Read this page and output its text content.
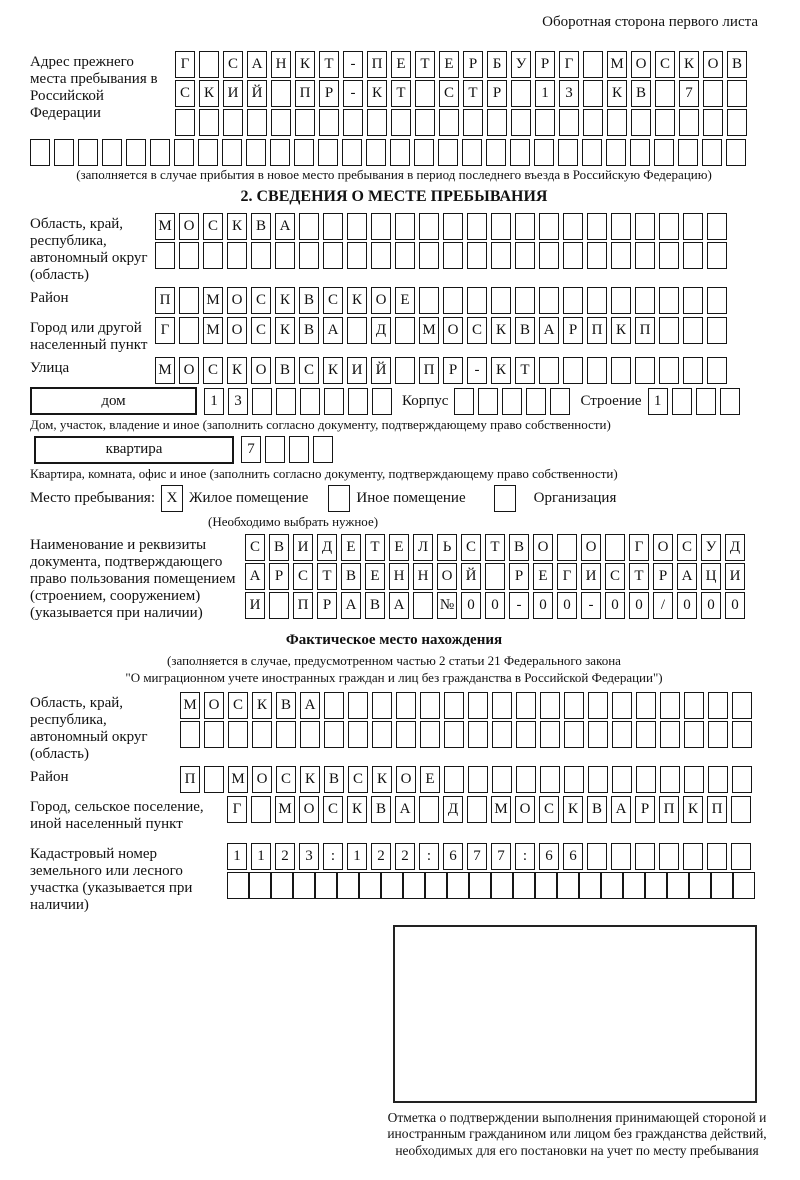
Оборотная сторона первого листа
Адрес прежнего места пребывания в Российской Федерации
Г	С А Н К Т	-	П Е Т Е	Р	Б У Р	Г	М О С К О В
С К И Й	П Р	-	К Т	С Т	Р	1	3	К В	7
(заполняется в случае прибытия в новое место пребывания в период последнего въезда в Российскую Федерацию)
2. СВЕДЕНИЯ О МЕСТЕ ПРЕБЫВАНИЯ
Область, край, республика, автономный округ (область)
М О С К В А
Район	П	М О С К В С К О Е
Город или другой населенный пункт
Г	М О С К В А	Д	М О С К В А Р П К П
Улица	М О С К О В С К И Й	П Р	-	К Т
дом	1	3	Корпус	Строение 1
Дом, участок, владение и иное (заполнить согласно документу, подтверждающему право собственности)
квартира	7
Квартира, комната, офис и иное (заполнить согласно документу, подтверждающему право собственности)
Место пребывания: X Жилое помещение	Иное помещение	Организация
(Необходимо выбрать нужное)
Наименование и реквизиты документа, подтверждающего право пользования помещением (строением, сооружением) (указывается при наличии)
С В И Д Е Т Е Л Ь С Т В О	О	Г О С У Д
А Р С Т В Е Н Н О Й	Р	Е	Г И С Т	Р А Ц И
И	П Р А В А	№ 0	0	-	0	0	-	0	0	/	0	0	0
Фактическое место нахождения
(заполняется в случае, предусмотренном частью 2 статьи 21 Федерального закона
"О миграционном учете иностранных граждан и лиц без гражданства в Российской Федерации")
Область, край, республика, автономный округ (область)
М О С К В А
Район	П	М О С К В С К О Е
Город, сельское поселение, иной населенный пункт
Г	М О С К В А	Д	М О С К В А Р П К П
Кадастровый номер земельного или лесного участка (указывается при наличии)
1	1	2	3	:	1	2	2	:	6	7	7	:	6	6
Отметка о подтверждении выполнения принимающей стороной и иностранным гражданином или лицом без гражданства действий, необходимых для его постановки на учет по месту пребывания
